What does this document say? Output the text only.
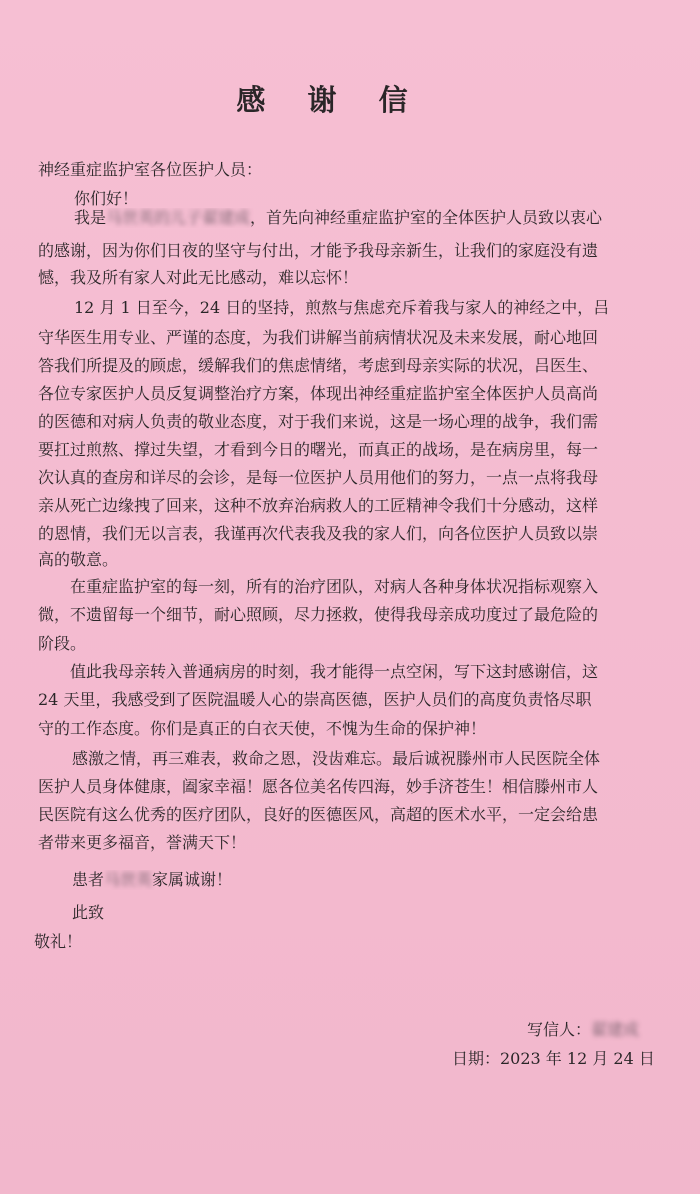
感 谢 信
神经重症监护室各位医护人员：
你们好！
我是马世英的儿子翟建成，首先向神经重症监护室的全体医护人员致以衷心
的感谢，因为你们日夜的坚守与付出，才能予我母亲新生，让我们的家庭没有遗
憾，我及所有家人对此无比感动，难以忘怀！
12 月 1 日至今，24 日的坚持，煎熬与焦虑充斥着我与家人的神经之中，吕
守华医生用专业、严谨的态度，为我们讲解当前病情状况及未来发展，耐心地回
答我们所提及的顾虑，缓解我们的焦虑情绪，考虑到母亲实际的状况，吕医生、
各位专家医护人员反复调整治疗方案，体现出神经重症监护室全体医护人员高尚
的医德和对病人负责的敬业态度，对于我们来说，这是一场心理的战争，我们需
要扛过煎熬、撑过失望，才看到今日的曙光，而真正的战场，是在病房里，每一
次认真的查房和详尽的会诊，是每一位医护人员用他们的努力，一点一点将我母
亲从死亡边缘拽了回来，这种不放弃治病救人的工匠精神令我们十分感动，这样
的恩情，我们无以言表，我谨再次代表我及我的家人们，向各位医护人员致以崇
高的敬意。
在重症监护室的每一刻，所有的治疗团队，对病人各种身体状况指标观察入
微，不遗留每一个细节，耐心照顾，尽力拯救，使得我母亲成功度过了最危险的
阶段。
值此我母亲转入普通病房的时刻，我才能得一点空闲，写下这封感谢信，这
24 天里，我感受到了医院温暖人心的崇高医德，医护人员们的高度负责恪尽职
守的工作态度。你们是真正的白衣天使，不愧为生命的保护神！
感激之情，再三难表，救命之恩，没齿难忘。最后诚祝滕州市人民医院全体
医护人员身体健康，阖家幸福！愿各位美名传四海，妙手济苍生！相信滕州市人
民医院有这么优秀的医疗团队，良好的医德医风，高超的医术水平，一定会给患
者带来更多福音，誉满天下！
患者马世英家属诚谢！
此致
敬礼！
写信人：翟建成
日期：2023 年 12 月 24 日
